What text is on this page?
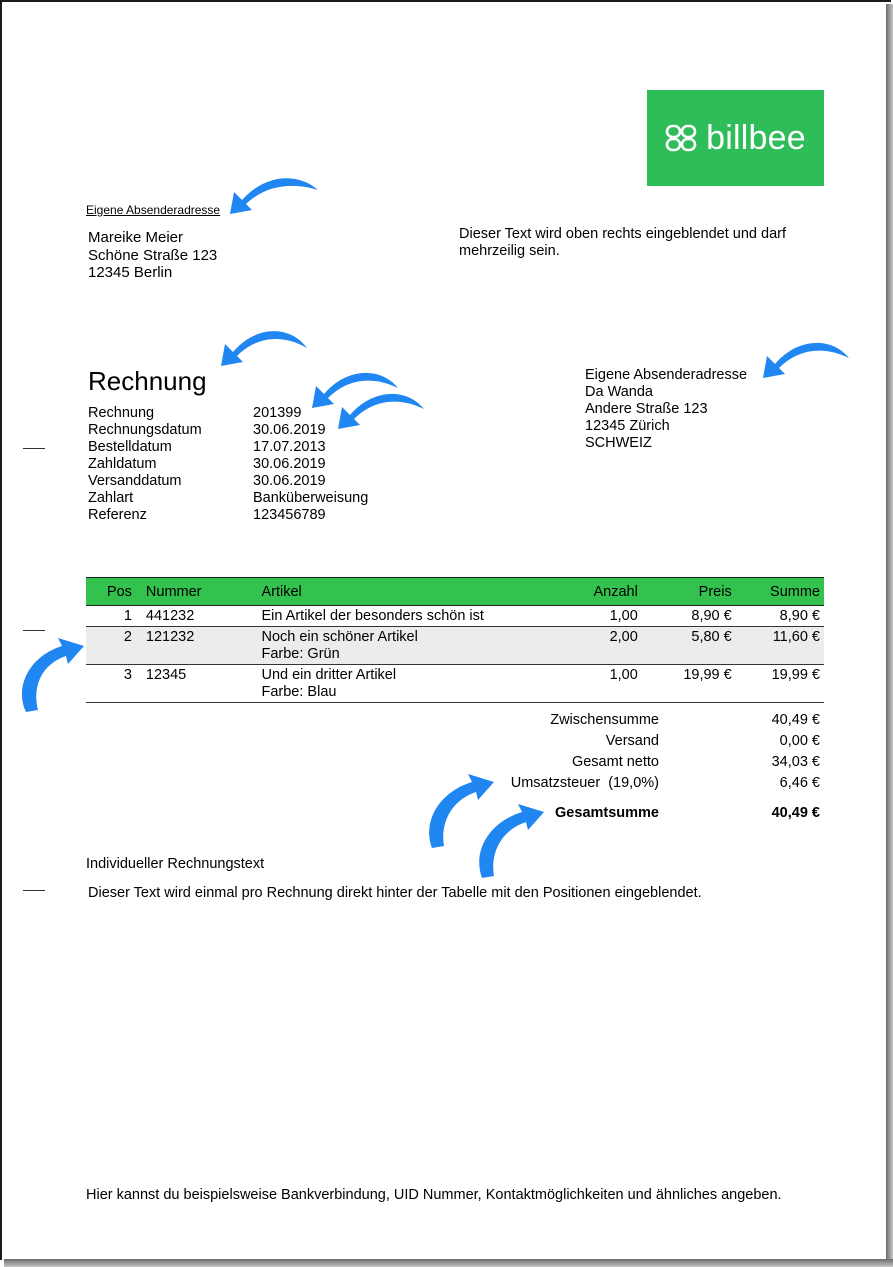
billbee
Eigene Absenderadresse
Mareike Meier
Schöne Straße 123
12345 Berlin
Dieser Text wird oben rechts eingeblendet und darf
mehrzeilig sein.
Rechnung
Rechnung	201399
Rechnungsdatum	30.06.2019
Bestelldatum	17.07.2013
Zahldatum	30.06.2019
Versanddatum	30.06.2019
Zahlart	Banküberweisung
Referenz	123456789
Eigene Absenderadresse
Da Wanda
Andere Straße 123
12345 Zürich
SCHWEIZ
Pos	Nummer	Artikel	Anzahl	Preis	Summe
1	441232	Ein Artikel der besonders schön ist	1,00	8,90 €	8,90 €
2	121232	Noch ein schöner Artikel
Farbe: Grün	2,00	5,80 €	11,60 €
3	12345	Und ein dritter Artikel
Farbe: Blau	1,00	19,99 €	19,99 €
Zwischensumme	40,49 €
Versand	0,00 €
Gesamt netto	34,03 €
Umsatzsteuer  (19,0%)	6,46 €
Gesamtsumme	40,49 €
Individueller Rechnungstext
Dieser Text wird einmal pro Rechnung direkt hinter der Tabelle mit den Positionen eingeblendet.
Hier kannst du beispielsweise Bankverbindung, UID Nummer, Kontaktmöglichkeiten und ähnliches angeben.
